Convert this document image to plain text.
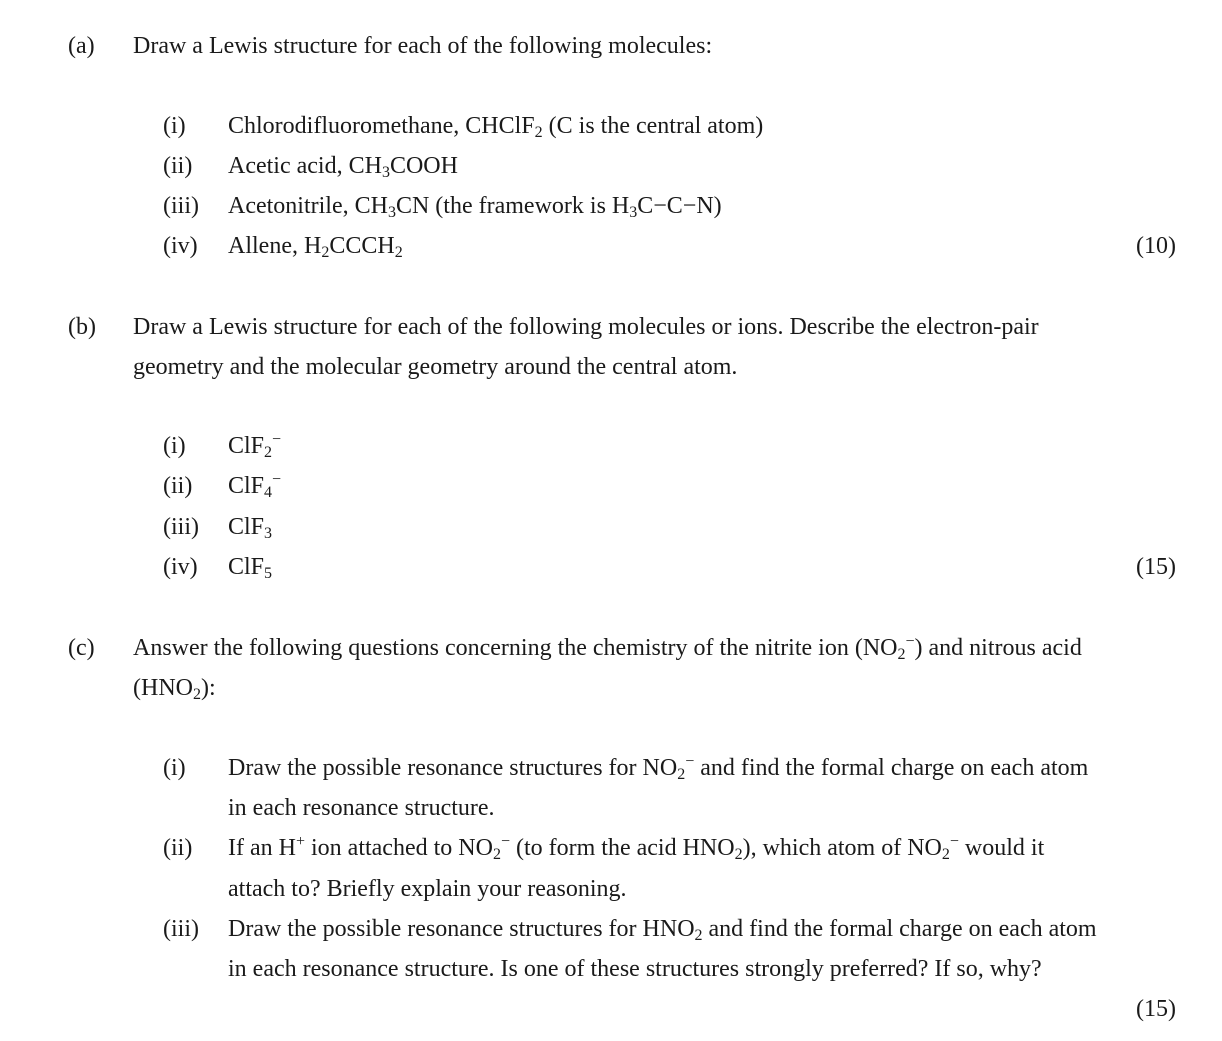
(a) Draw a Lewis structure for each of the following molecules:
(i) Chlorodifluoromethane, CHClF$_2$ (C is the central atom)
(ii) Acetic acid, $CH_3COOH$
(iii) Acetonitrile, $CH_3CN$ (the framework is $H_3C-C-N$)
(iv) Allene, $H_2CCCH_2$	(10)
(b) Draw a Lewis structure for each of the following molecules or ions. Describe the electron-pair
geometry and the molecular geometry around the central atom.
(i) ClF$_2$−
(ii) ClF$_4$−
(iii) ClF$_3$
(iv) ClF$_5$	(15)
(c) Answer the following questions concerning the chemistry of the nitrite ion $(NO_2^-)$ and nitrous acid
$(HNO_2)$:
(i) Draw the possible resonance structures for $NO_2^-$ and find the formal charge on each atom
in each resonance structure.
(ii) If an H+ ion attached to $NO_2^-$ (to form the acid $HNO_2$), which atom of $NO_2^-$ would it
attach to? Briefly explain your reasoning.
(iii) Draw the possible resonance structures for $HNO_2$ and find the formal charge on each atom
in each resonance structure. Is one of these structures strongly preferred? If so, why?
(15)
